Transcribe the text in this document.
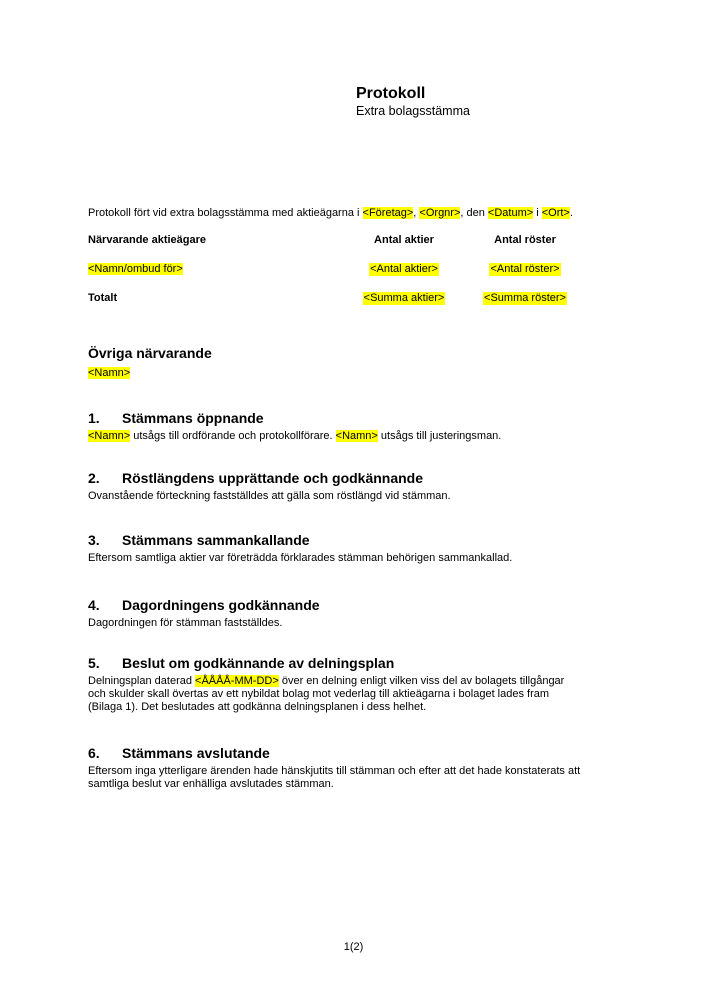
Protokoll
Extra bolagsstämma

Protokoll fört vid extra bolagsstämma med aktieägarna i <Företag>, <Orgnr>, den <Datum> i <Ort>.

Närvarande aktieägare	Antal aktier	Antal röster
<Namn/ombud för>	<Antal aktier>	<Antal röster>
Totalt	<Summa aktier>	<Summa röster>
Övriga närvarande

<Namn>

1. Stämmans öppnande

<Namn> utsågs till ordförande och protokollförare. <Namn> utsågs till justeringsman.

2. Röstlängdens upprättande och godkännande

Ovanstående förteckning fastställdes att gälla som röstlängd vid stämman.

3. Stämmans sammankallande

Eftersom samtliga aktier var företrädda förklarades stämman behörigen sammankallad.

4. Dagordningens godkännande

Dagordningen för stämman fastställdes.

5. Beslut om godkännande av delningsplan

Delningsplan daterad <ÅÅÅÅ-MM-DD> över en delning enligt vilken viss del av bolagets tillgångar
och skulder skall övertas av ett nybildat bolag mot vederlag till aktieägarna i bolaget lades fram
(Bilaga 1). Det beslutades att godkänna delningsplanen i dess helhet.

6. Stämmans avslutande

Eftersom inga ytterligare ärenden hade hänskjutits till stämman och efter att det hade konstaterats att
samtliga beslut var enhälliga avslutades stämman.

1(2)
